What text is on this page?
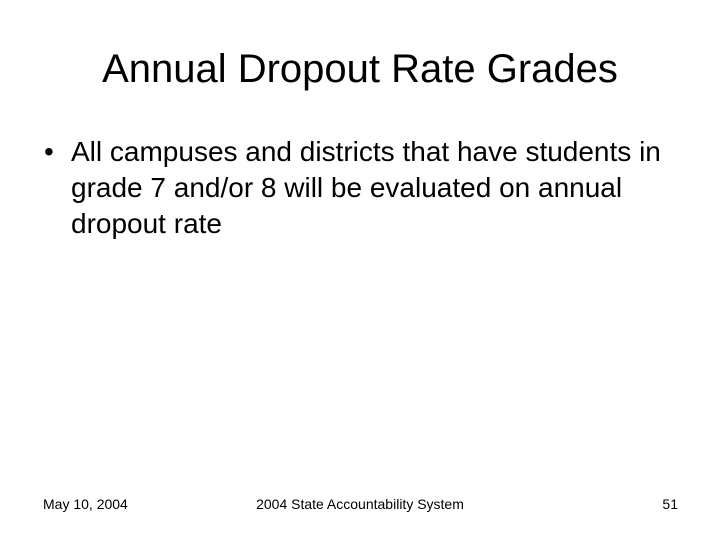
Annual Dropout Rate Grades
• All campuses and districts that have students in grade 7 and/or 8 will be evaluated on annual dropout rate
May 10, 2004	2004 State Accountability System	51
